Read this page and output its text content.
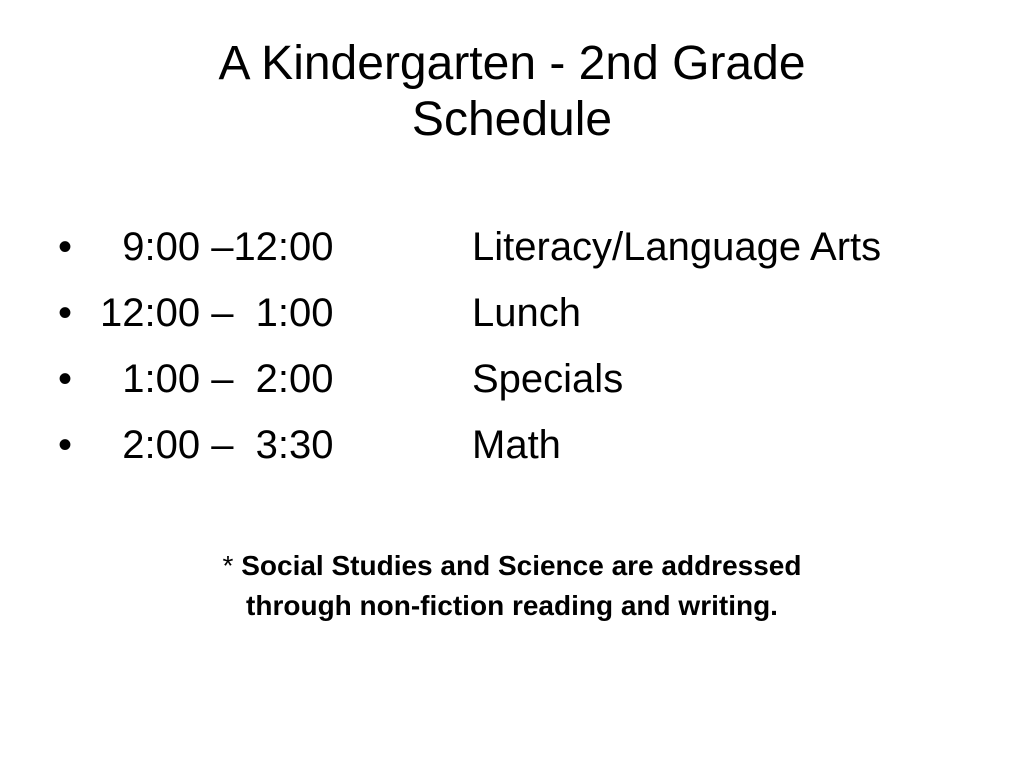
A Kindergarten - 2nd Grade
Schedule
• 9:00 –12:00	Literacy/Language Arts
• 12:00 –  1:00	Lunch
• 1:00 –  2:00	Specials
• 2:00 –  3:30	Math
* Social Studies and Science are addressed
through non-fiction reading and writing.
